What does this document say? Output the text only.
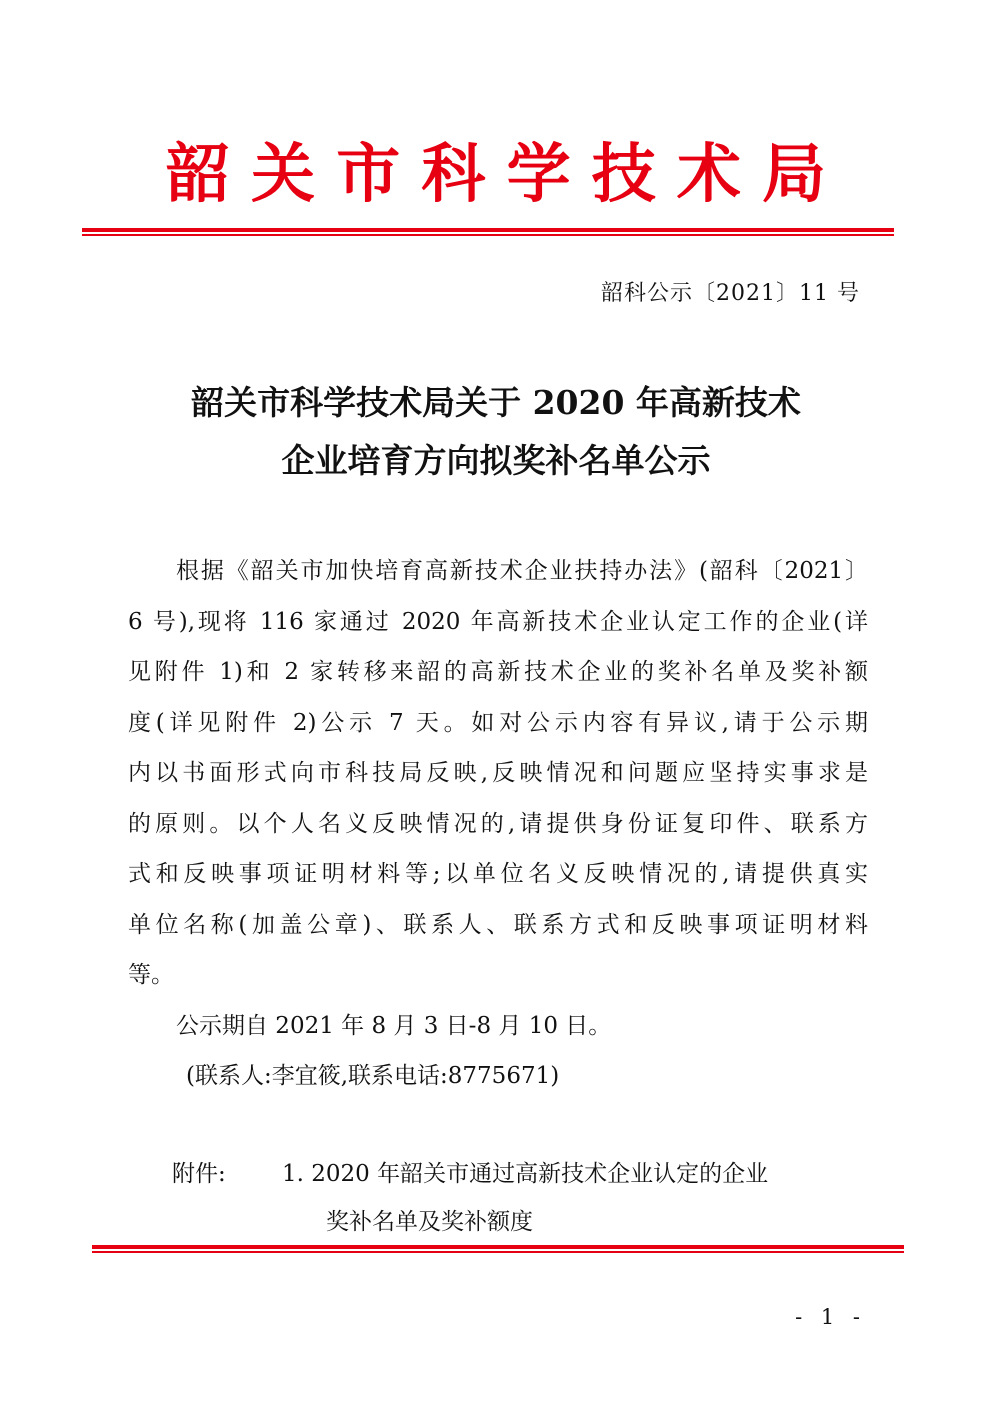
韶 关 市 科 学 技 术 局
韶科公示〔2021〕11 号
韶关市科学技术局关于 2020 年高新技术
企业培育方向拟奖补名单公示
根据《韶关市加快培育高新技术企业扶持办法》(韶科〔2021〕
6 号),现将 116 家通过 2020 年高新技术企业认定工作的企业(详
见附件 1)和 2 家转移来韶的高新技术企业的奖补名单及奖补额
度(详见附件 2)公示 7 天。如对公示内容有异议,请于公示期
内以书面形式向市科技局反映,反映情况和问题应坚持实事求是
的原则。以个人名义反映情况的,请提供身份证复印件、联系方
式和反映事项证明材料等;以单位名义反映情况的,请提供真实
单位名称(加盖公章)、联系人、联系方式和反映事项证明材料
等。
公示期自 2021 年 8 月 3 日-8 月 10 日。
(联系人:李宜筱,联系电话:8775671)
附件: 1. 2020 年韶关市通过高新技术企业认定的企业
奖补名单及奖补额度
- 1 -
